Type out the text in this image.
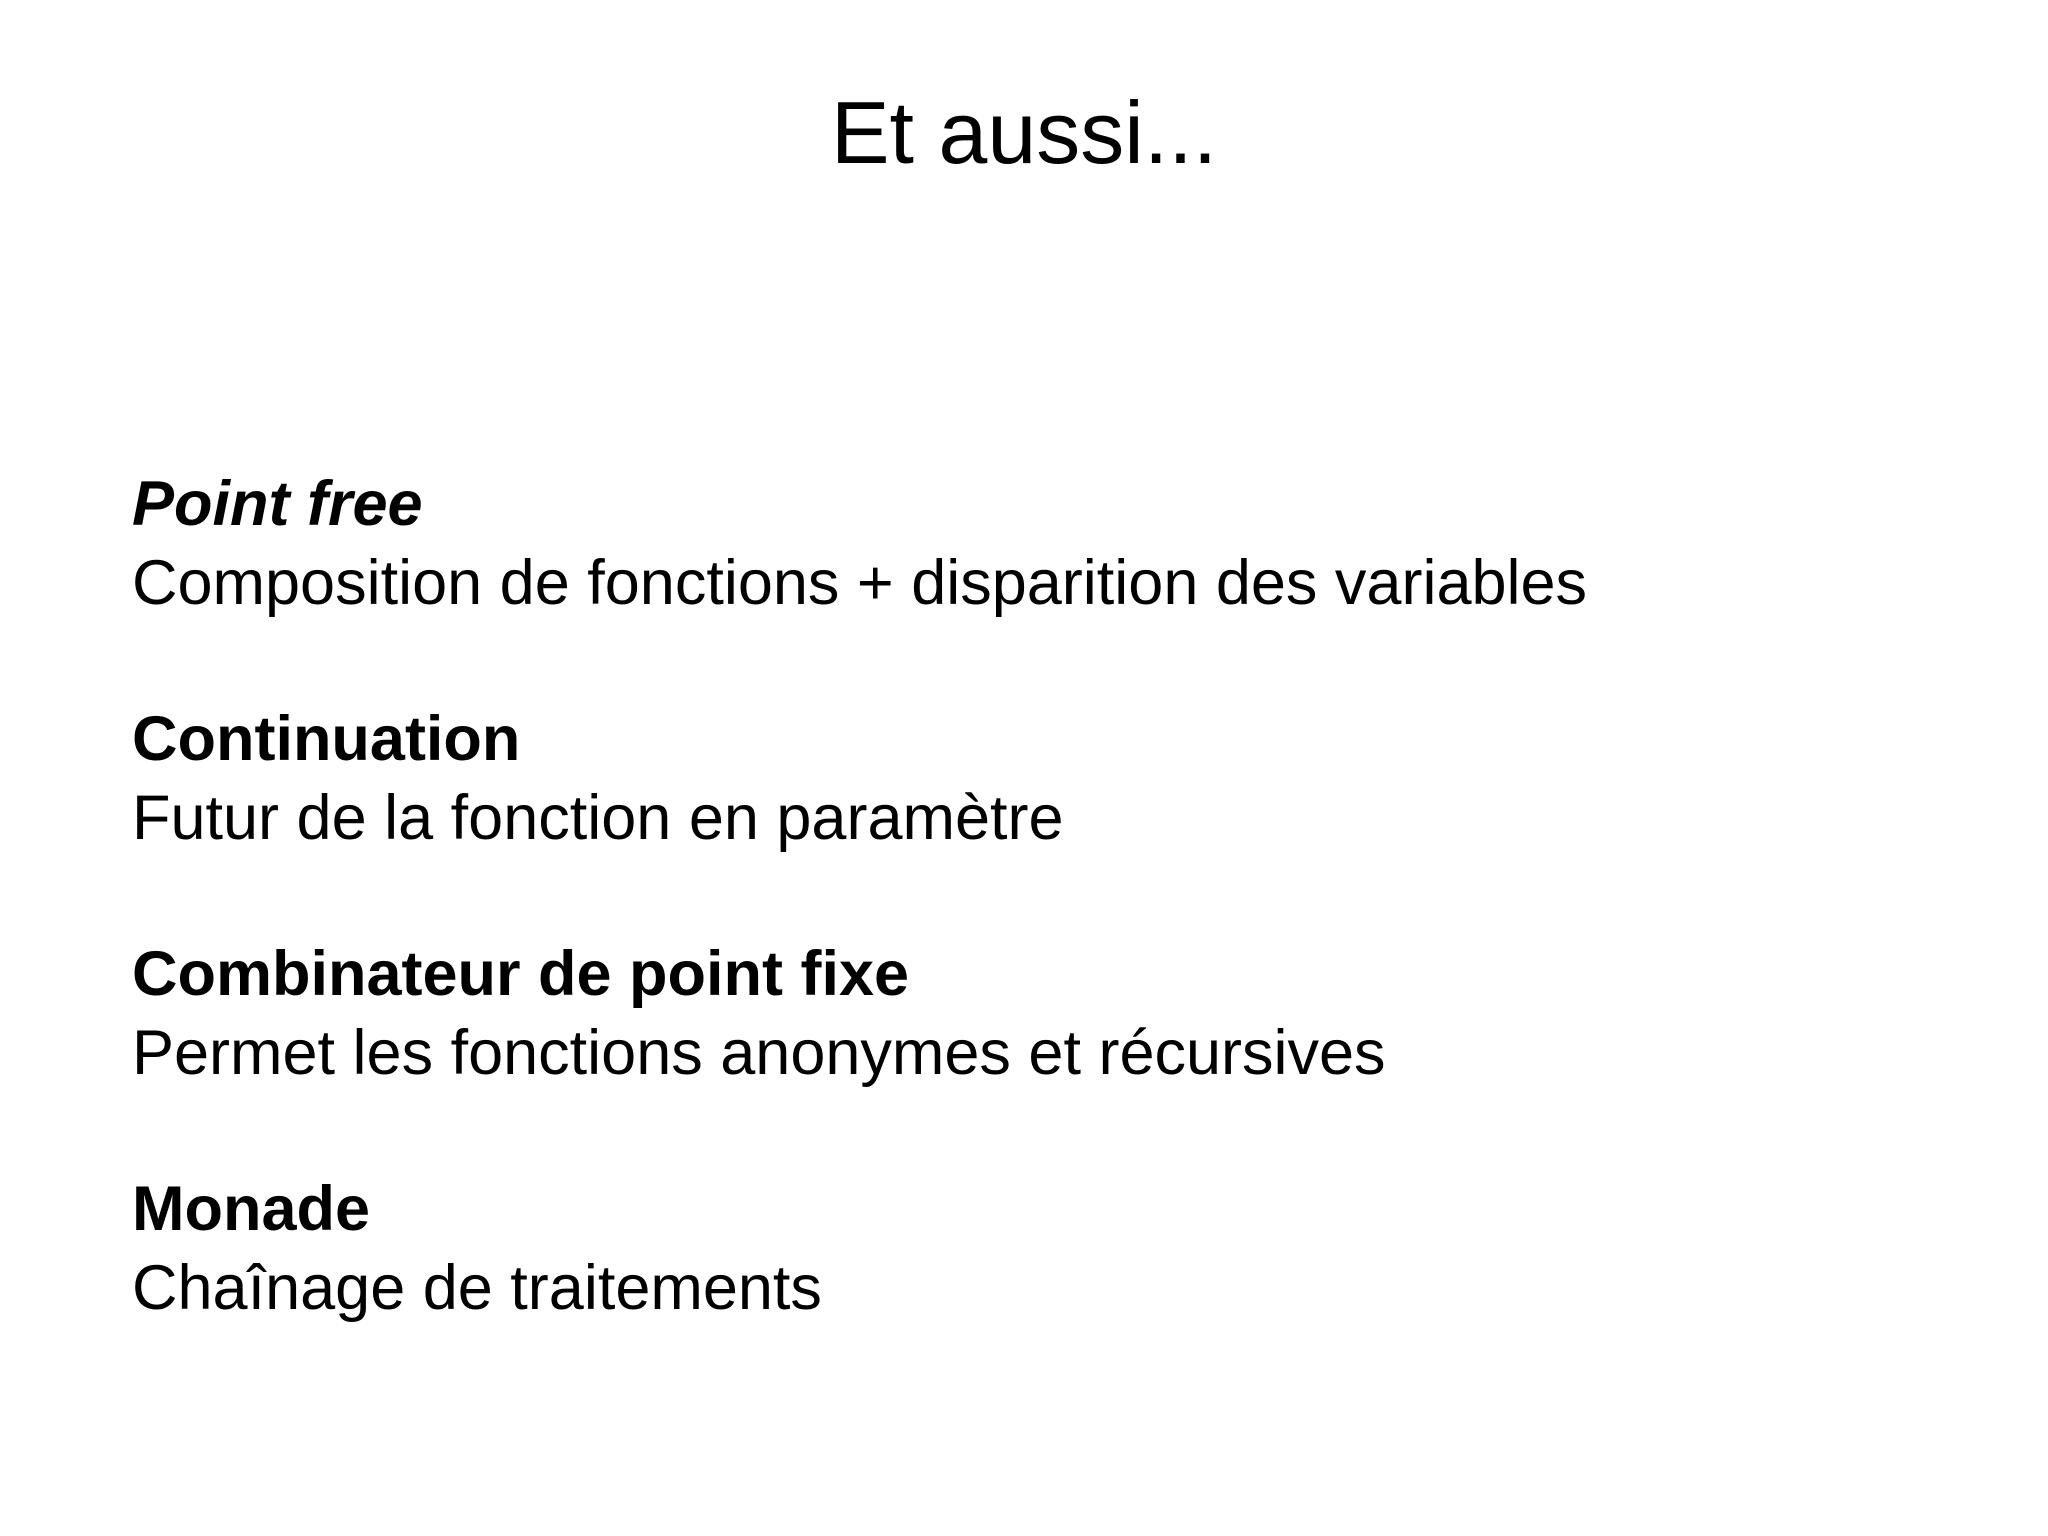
Et aussi...
Point free
Composition de fonctions + disparition des variables
Continuation
Futur de la fonction en paramètre
Combinateur de point fixe
Permet les fonctions anonymes et récursives
Monade
Chaînage de traitements
